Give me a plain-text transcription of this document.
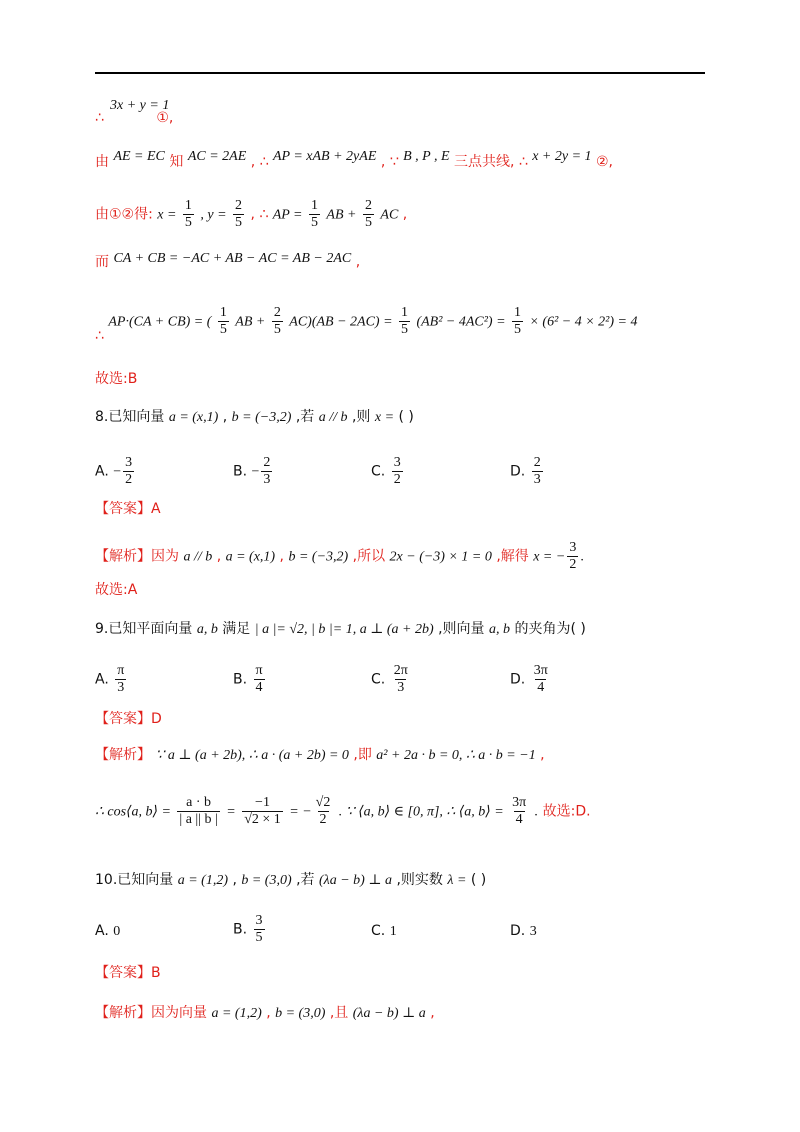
3x + y = 1
∴	①,
由 AE = EC 知 AC = 2AE , ∴ AP = xAB + 2yAE , ∵ B , P , E 三点共线, ∴ x + 2y = 1 ②,
由①②得: $x = \frac{1}{5}$ , $y = \frac{2}{5}$ , ∴ AP = $\frac{1}{5}$ AB + $\frac{2}{5}$ AC ,
而 CA + CB = −AC + AB − AC = AB − 2AC ,
∴ AP·(CA + CB) = ( $\frac{1}{5}$ AB + $\frac{2}{5} AC)(AB - 2AC) = \frac{1}{5} (AB^2 - 4AC^2) = \frac{1}{5} \times (6^2 - 4 \times 2^2) = 4$
故选:B
8.已知向量 a = (x,1) , b = (−3,2) ,若 a // b ,则 x = ( )
A. − $\frac{3}{2}$	B. − $\frac{2}{3}$	C. $\frac{3}{2}$	D. $\frac{2}{3}$
【答案】A
【解析】因为 a // b , a = (x,1) , b = (−3,2) ,所以 2x − (−3) × 1 = 0 ,解得 x = − $\frac{3}{2}$ .
故选:A
9.已知平面向量 a, b 满足 | a |= √2, | b |= 1, a ⊥ (a + 2b) ,则向量 a, b 的夹角为( )
A. $\frac{\pi}{3}$	B. $\frac{\pi}{4}$	C. $\frac{2\pi}{3}$	D. $\frac{3\pi}{4}$
【答案】D
【解析】 ∵ a ⊥ (a + 2b), ∴ a · (a + 2b) = 0 ,即 a² + 2a · b = 0, ∴ a · b = −1 ,
∴ cos⟨a, b⟩ = $\frac{a \cdot b}{| a || b |} = \frac{-1}{√2 \times 1}$ = − $\frac{√2}{2}$ . ∵ ⟨a, b⟩ ∈ [0, π], ∴ ⟨a, b⟩ = $\frac{3\pi}{4}$ . 故选:D.
10.已知向量 a = (1,2) , b = (3,0) ,若 (λa − b) ⊥ a ,则实数 λ = ( )
A. 0	B. $\frac{3}{5}$	C. 1	D. 3
【答案】B
【解析】因为向量 a = (1,2) , b = (3,0) ,且 (λa − b) ⊥ a ,
